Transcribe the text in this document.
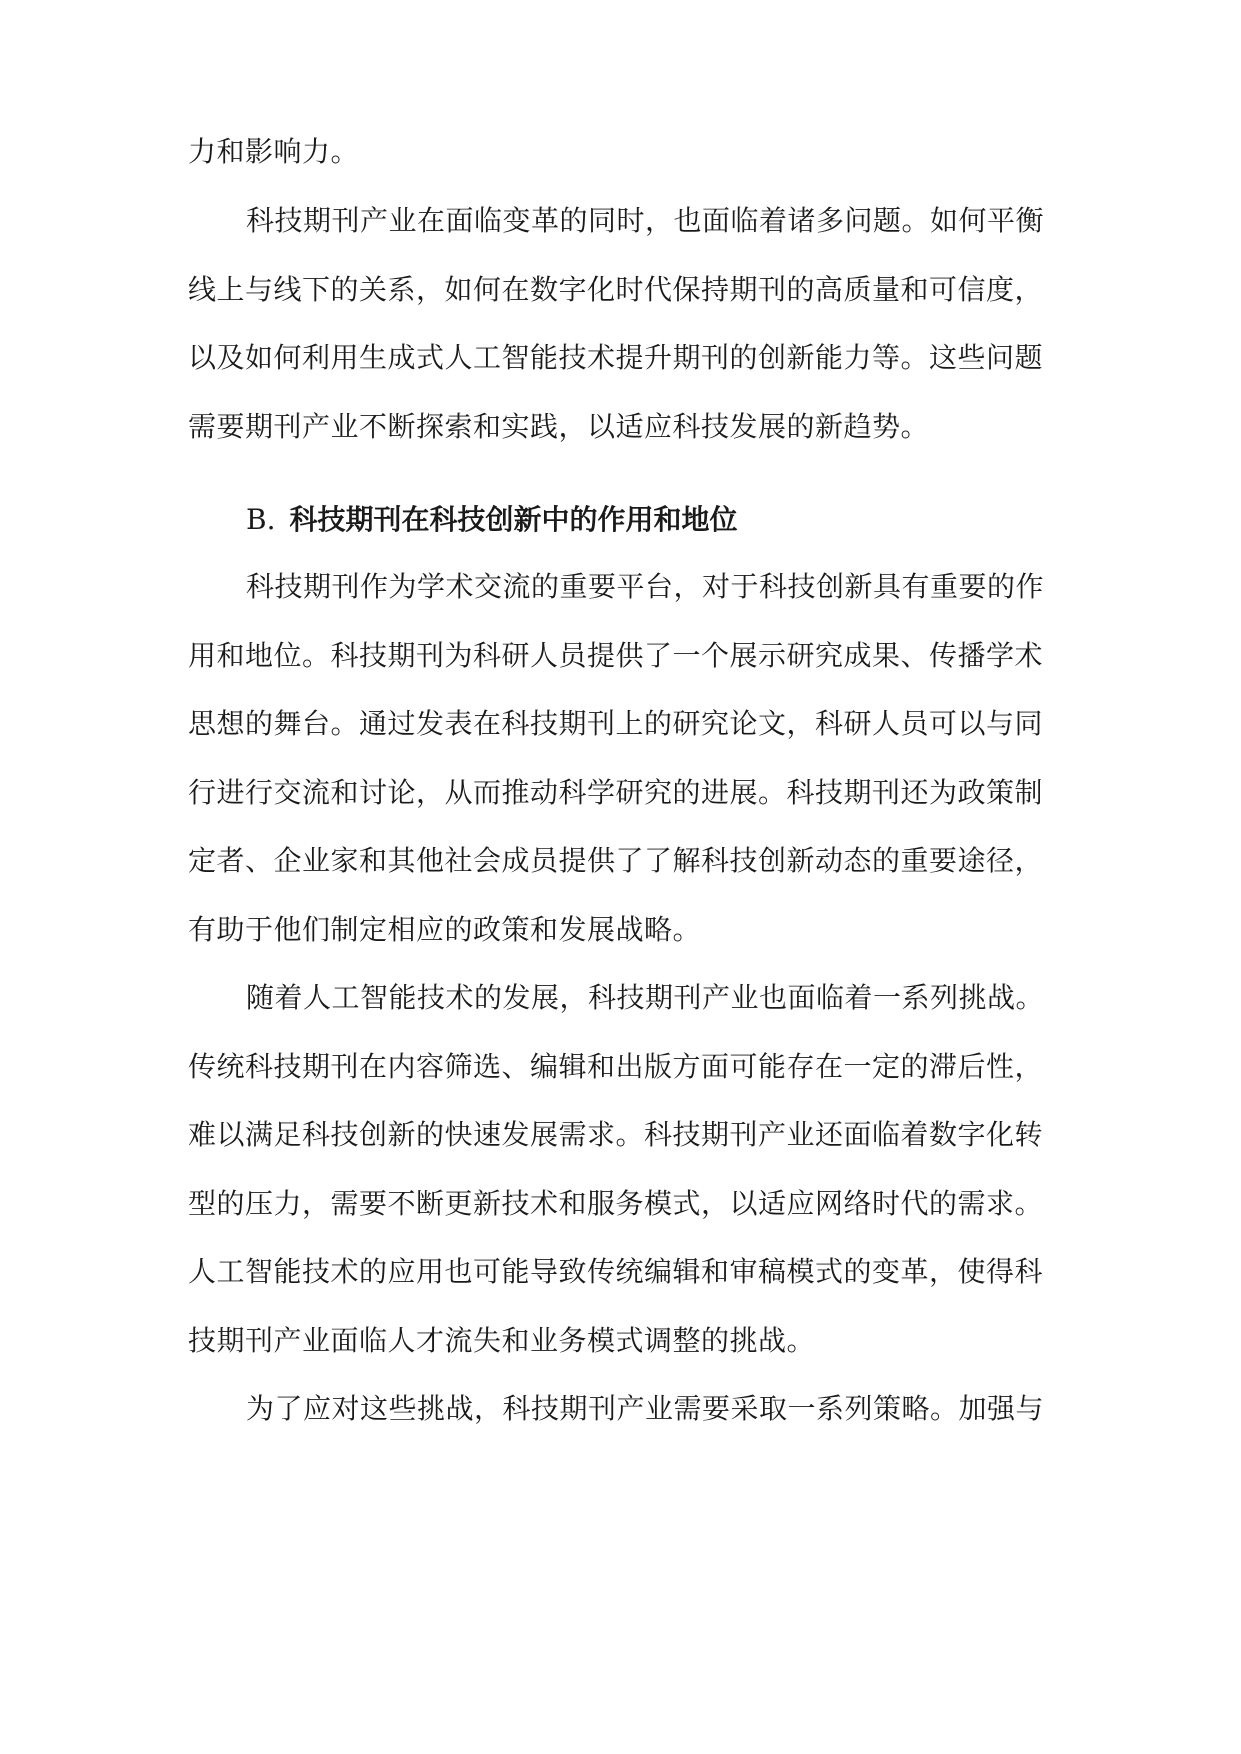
力和影响力。
科技期刊产业在面临变革的同时，也面临着诸多问题。如何平衡
线上与线下的关系，如何在数字化时代保持期刊的高质量和可信度，
以及如何利用生成式人工智能技术提升期刊的创新能力等。这些问题
需要期刊产业不断探索和实践，以适应科技发展的新趋势。
B. 科技期刊在科技创新中的作用和地位
科技期刊作为学术交流的重要平台，对于科技创新具有重要的作
用和地位。科技期刊为科研人员提供了一个展示研究成果、传播学术
思想的舞台。通过发表在科技期刊上的研究论文，科研人员可以与同
行进行交流和讨论，从而推动科学研究的进展。科技期刊还为政策制
定者、企业家和其他社会成员提供了了解科技创新动态的重要途径，
有助于他们制定相应的政策和发展战略。
随着人工智能技术的发展，科技期刊产业也面临着一系列挑战。
传统科技期刊在内容筛选、编辑和出版方面可能存在一定的滞后性，
难以满足科技创新的快速发展需求。科技期刊产业还面临着数字化转
型的压力，需要不断更新技术和服务模式，以适应网络时代的需求。
人工智能技术的应用也可能导致传统编辑和审稿模式的变革，使得科
技期刊产业面临人才流失和业务模式调整的挑战。
为了应对这些挑战，科技期刊产业需要采取一系列策略。加强与
